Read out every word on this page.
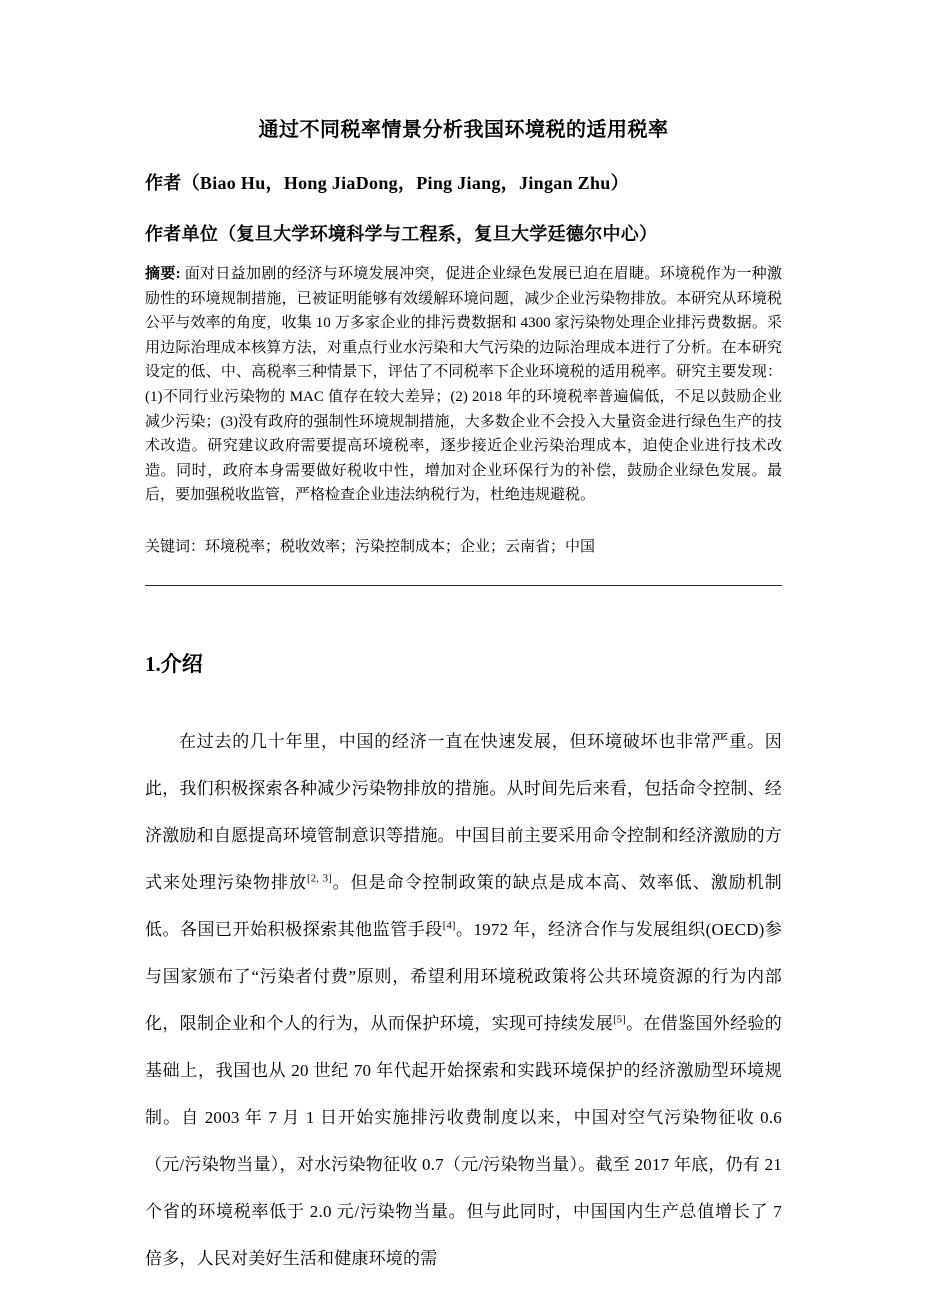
通过不同税率情景分析我国环境税的适用税率
作者（Biao Hu，Hong JiaDong，Ping Jiang，Jingan Zhu）
作者单位（复旦大学环境科学与工程系，复旦大学廷德尔中心）

摘要: 面对日益加剧的经济与环境发展冲突，促进企业绿色发展已迫在眉睫。环境税作为一种激励性的环境规制措施，已被证明能够有效缓解环境问题，减少企业污染物排放。本研究从环境税公平与效率的角度，收集 10 万多家企业的排污费数据和 4300 家污染物处理企业排污费数据。采用边际治理成本核算方法，对重点行业水污染和大气污染的边际治理成本进行了分析。在本研究设定的低、中、高税率三种情景下，评估了不同税率下企业环境税的适用税率。研究主要发现：(1)不同行业污染物的 MAC 值存在较大差异；(2) 2018 年的环境税率普遍偏低，不足以鼓励企业减少污染；(3)没有政府的强制性环境规制措施，大多数企业不会投入大量资金进行绿色生产的技术改造。研究建议政府需要提高环境税率，逐步接近企业污染治理成本，迫使企业进行技术改造。同时，政府本身需要做好税收中性，增加对企业环保行为的补偿，鼓励企业绿色发展。最后，要加强税收监管，严格检查企业违法纳税行为，杜绝违规避税。

关键词：环境税率；税收效率；污染控制成本；企业；云南省；中国
1.介绍

在过去的几十年里，中国的经济一直在快速发展，但环境破坏也非常严重。因此，我们积极探索各种减少污染物排放的措施。从时间先后来看，包括命令控制、经济激励和自愿提高环境管制意识等措施。中国目前主要采用命令控制和经济激励的方式来处理污染物排放[2, 3]。但是命令控制政策的缺点是成本高、效率低、激励机制低。各国已开始积极探索其他监管手段[4]。1972 年，经济合作与发展组织(OECD)参与国家颁布了“污染者付费”原则，希望利用环境税政策将公共环境资源的行为内部化，限制企业和个人的行为，从而保护环境，实现可持续发展[5]。在借鉴国外经验的基础上，我国也从 20 世纪 70 年代起开始探索和实践环境保护的经济激励型环境规制。自 2003 年 7 月 1 日开始实施排污收费制度以来，中国对空气污染物征收 0.6（元/污染物当量），对水污染物征收 0.7（元/污染物当量）。截至 2017 年底，仍有 21 个省的环境税率低于 2.0 元/污染物当量。但与此同时，中国国内生产总值增长了 7 倍多，人民对美好生活和健康环境的需
